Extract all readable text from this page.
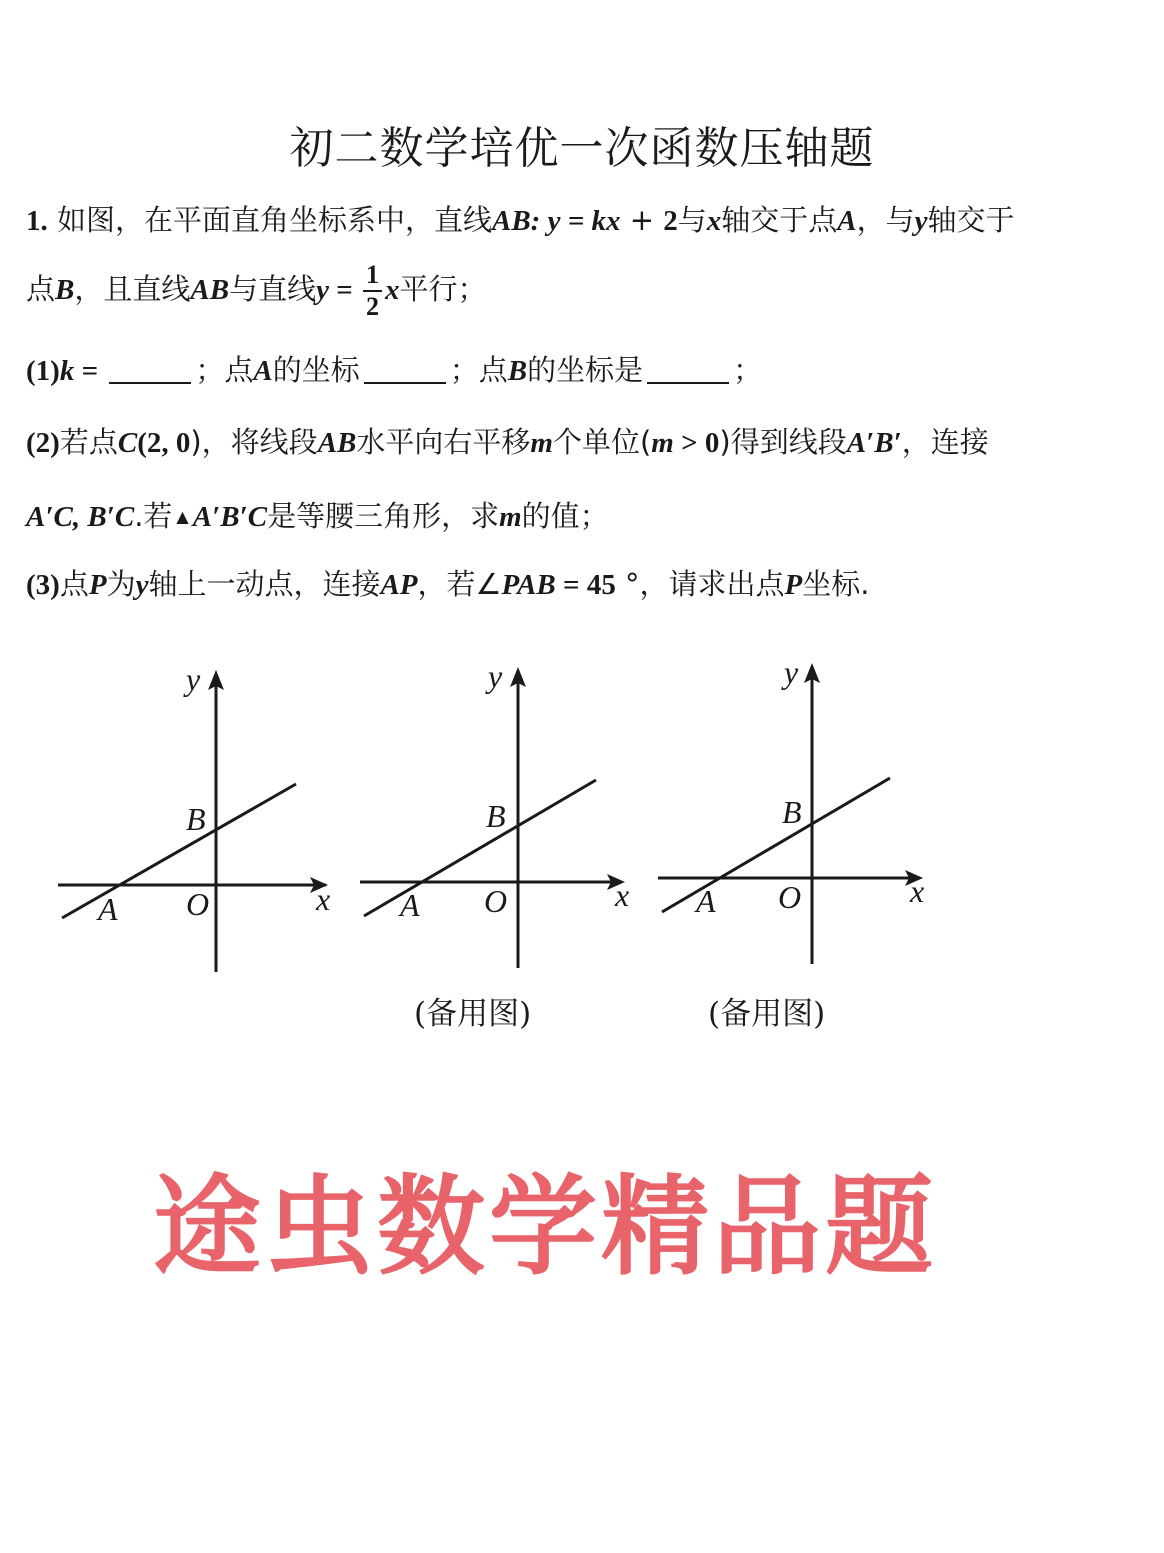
初二数学培优一次函数压轴题
1. 如图，在平面直角坐标系中，直线AB: y = kx + 2与x轴交于点A，与y轴交于
点B，且直线AB与直线$y = \frac{1}{2}$ x平行；
(1)k =	；点A的坐标	；点B的坐标是	；
(2)若点C(2, 0)，将线段AB水平向右平移m个单位(m > 0)得到线段A′B′，连接
A′C, B′C.若 ▲ A′B′C是等腰三角形，求m的值；
(3)点P为y轴上一动点，连接AP，若∠PAB = 45 °，请求出点P坐标.
y
x
O
A
B
y
x
O
A
B
y
x
O
A
B
(备用图)	(备用图)
途虫数学精品题
